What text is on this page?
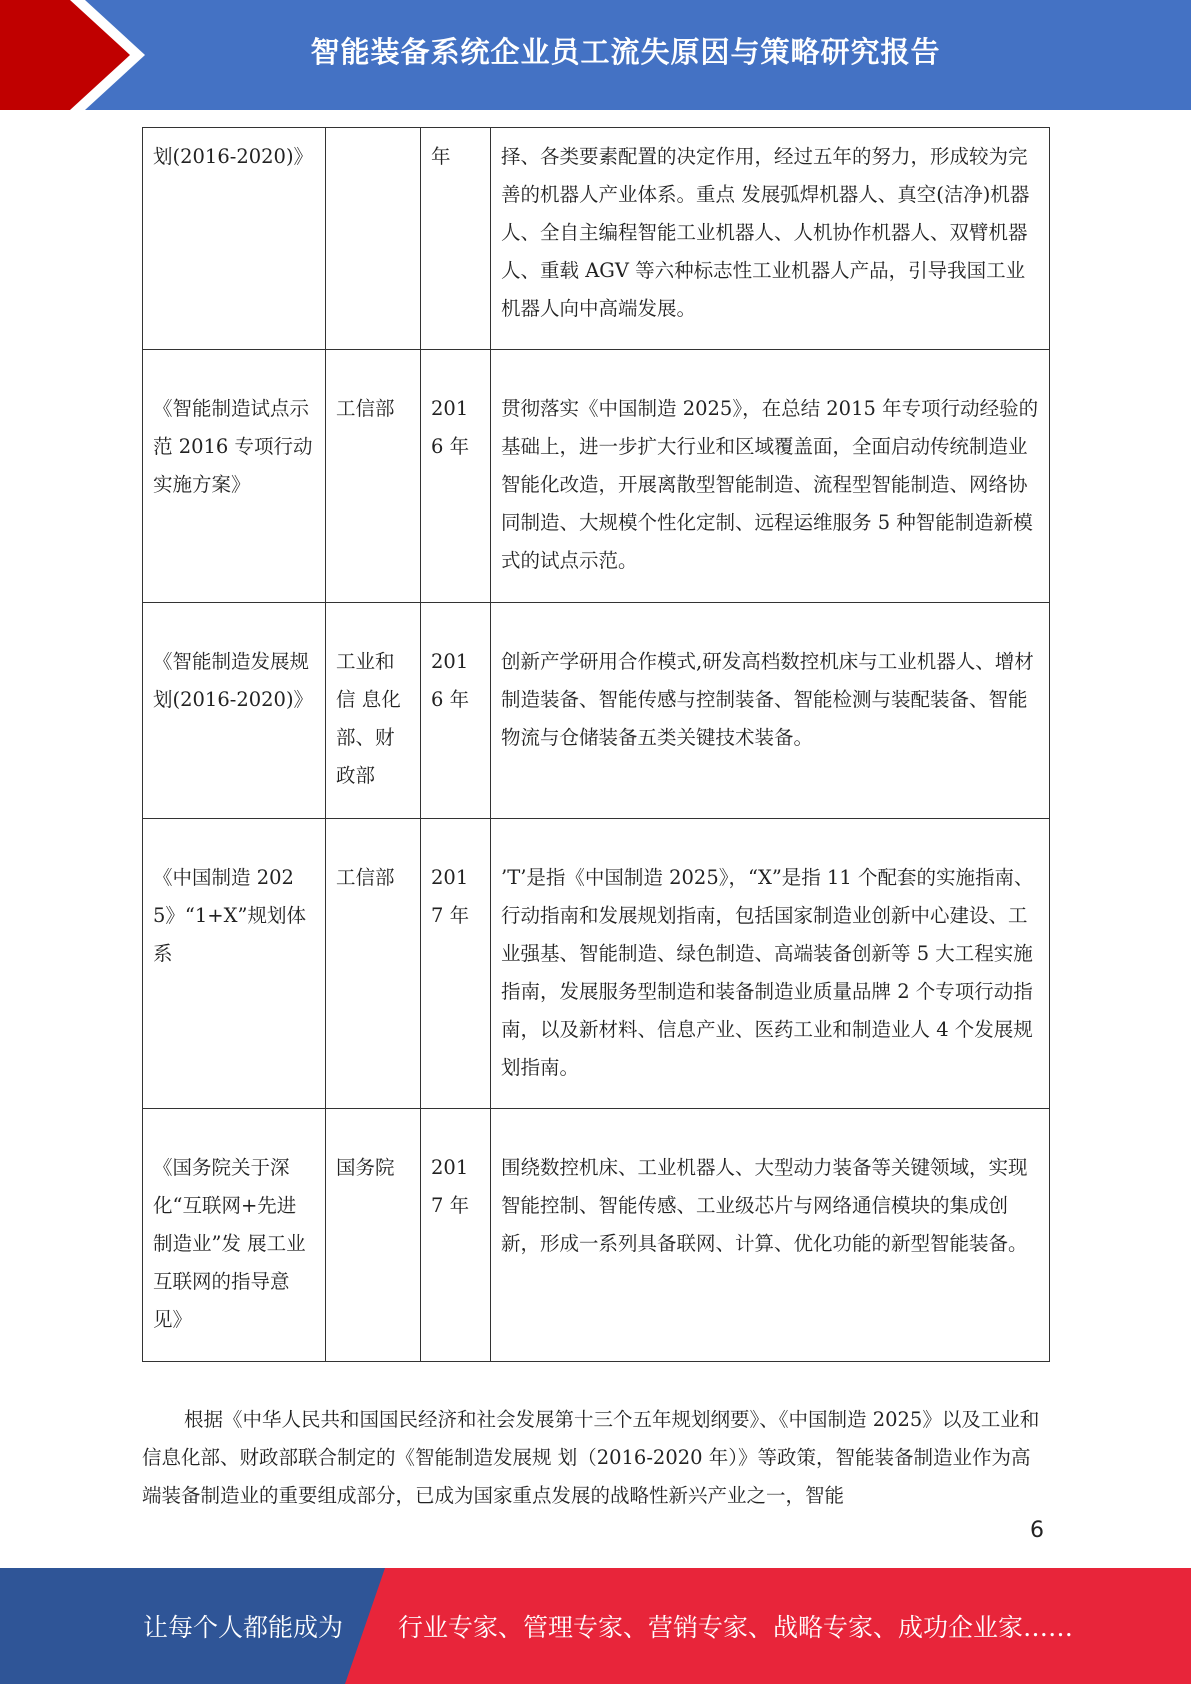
智能装备系统企业员工流失原因与策略研究报告
划(2016-2020)》		年	择、各类要素配置的决定作用，经过五年的努力，形成较为完善的机器人产业体系。重点 发展弧焊机器人、真空(洁净)机器人、全自主编程智能工业机器人、人机协作机器人、双臂机器 人、重载 AGV 等六种标志性工业机器人产品，引导我国工业机器人向中高端发展。
《智能制造试点示范 2016 专项行动实施方案》	工信部	2016 年	贯彻落实《中国制造 2025》，在总结 2015 年专项行动经验的基础上，进一步扩大行业和区域覆盖面，全面启动传统制造业智能化改造，开展离散型智能制造、流程型智能制造、网络协同制造、大规模个性化定制、远程运维服务 5 种智能制造新模式的试点示范。
《智能制造发展规划(2016-2020)》	工业和信 息化部、财政部	2016 年	创新产学研用合作模式,研发高档数控机床与工业机器人、增材制造装备、智能传感与控制装备、智能检测与装配装备、智能物流与仓储装备五类关键技术装备。
《中国制造 2025》“1+X”规划体系	工信部	2017 年	’T’是指《中国制造 2025》，“X”是指 11 个配套的实施指南、行动指南和发展规划指南，包括国家制造业创新中心建设、工业强基、智能制造、绿色制造、高端装备创新等 5 大工程实施指南，发展服务型制造和装备制造业质量品牌 2 个专项行动指南，以及新材料、信息产业、医药工业和制造业人 4 个发展规划指南。
《国务院关于深化“互联网+先进制造业”发 展工业互联网的指导意见》	国务院	2017 年	围绕数控机床、工业机器人、大型动力装备等关键领域，实现智能控制、智能传感、工业级芯片与网络通信模块的集成创新，形成一系列具备联网、计算、优化功能的新型智能装备。
根据《中华人民共和国国民经济和社会发展第十三个五年规划纲要》、《中国制造 2025》以及工业和信息化部、财政部联合制定的《智能制造发展规 划（2016-2020 年）》等政策，智能装备制造业作为高端装备制造业的重要组成部分，已成为国家重点发展的战略性新兴产业之一，智能
6
让每个人都能成为 行业专家、管理专家、营销专家、战略专家、成功企业家……
